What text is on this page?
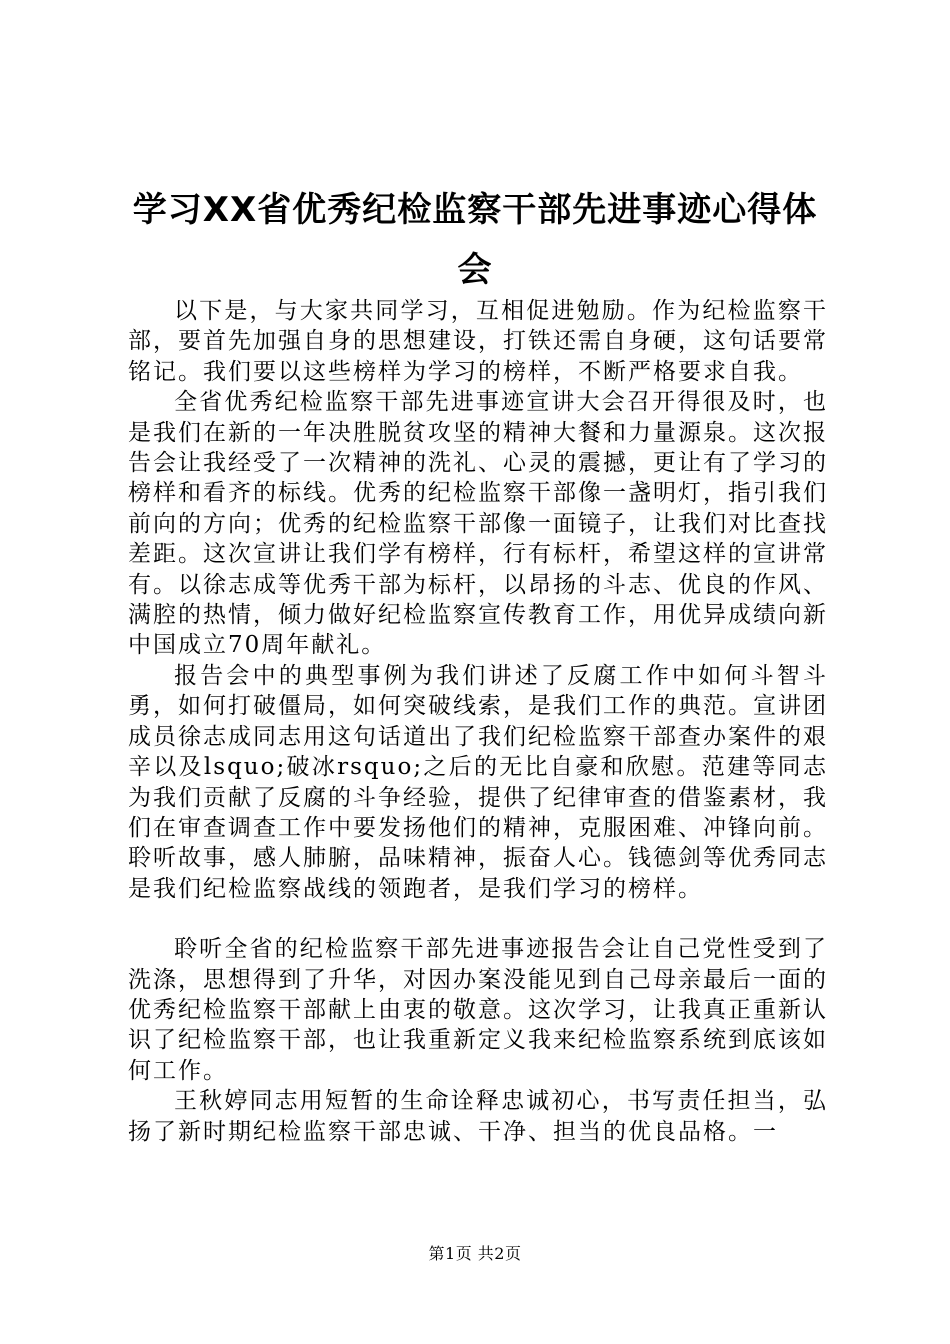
学习XX省优秀纪检监察干部先进事迹心得体会

以下是，与大家共同学习，互相促进勉励。作为纪检监察干部，要首先加强自身的思想建设，打铁还需自身硬，这句话要常铭记。我们要以这些榜样为学习的榜样，不断严格要求自我。

全省优秀纪检监察干部先进事迹宣讲大会召开得很及时，也是我们在新的一年决胜脱贫攻坚的精神大餐和力量源泉。这次报告会让我经受了一次精神的洗礼、心灵的震撼，更让有了学习的榜样和看齐的标线。优秀的纪检监察干部像一盏明灯，指引我们前向的方向；优秀的纪检监察干部像一面镜子，让我们对比查找差距。这次宣讲让我们学有榜样，行有标杆，希望这样的宣讲常有。以徐志成等优秀干部为标杆，以昂扬的斗志、优良的作风、满腔的热情，倾力做好纪检监察宣传教育工作，用优异成绩向新中国成立70周年献礼。

报告会中的典型事例为我们讲述了反腐工作中如何斗智斗勇，如何打破僵局，如何突破线索，是我们工作的典范。宣讲团成员徐志成同志用这句话道出了我们纪检监察干部查办案件的艰辛以及lsquo;破冰rsquo;之后的无比自豪和欣慰。范建等同志为我们贡献了反腐的斗争经验，提供了纪律审查的借鉴素材，我们在审查调查工作中要发扬他们的精神，克服困难、冲锋向前。聆听故事，感人肺腑，品味精神，振奋人心。钱德剑等优秀同志是我们纪检监察战线的领跑者，是我们学习的榜样。

聆听全省的纪检监察干部先进事迹报告会让自己党性受到了洗涤，思想得到了升华，对因办案没能见到自己母亲最后一面的优秀纪检监察干部献上由衷的敬意。这次学习，让我真正重新认识了纪检监察干部，也让我重新定义我来纪检监察系统到底该如何工作。

王秋婷同志用短暂的生命诠释忠诚初心，书写责任担当，弘扬了新时期纪检监察干部忠诚、干净、担当的优良品格。一

第1页 共2页
